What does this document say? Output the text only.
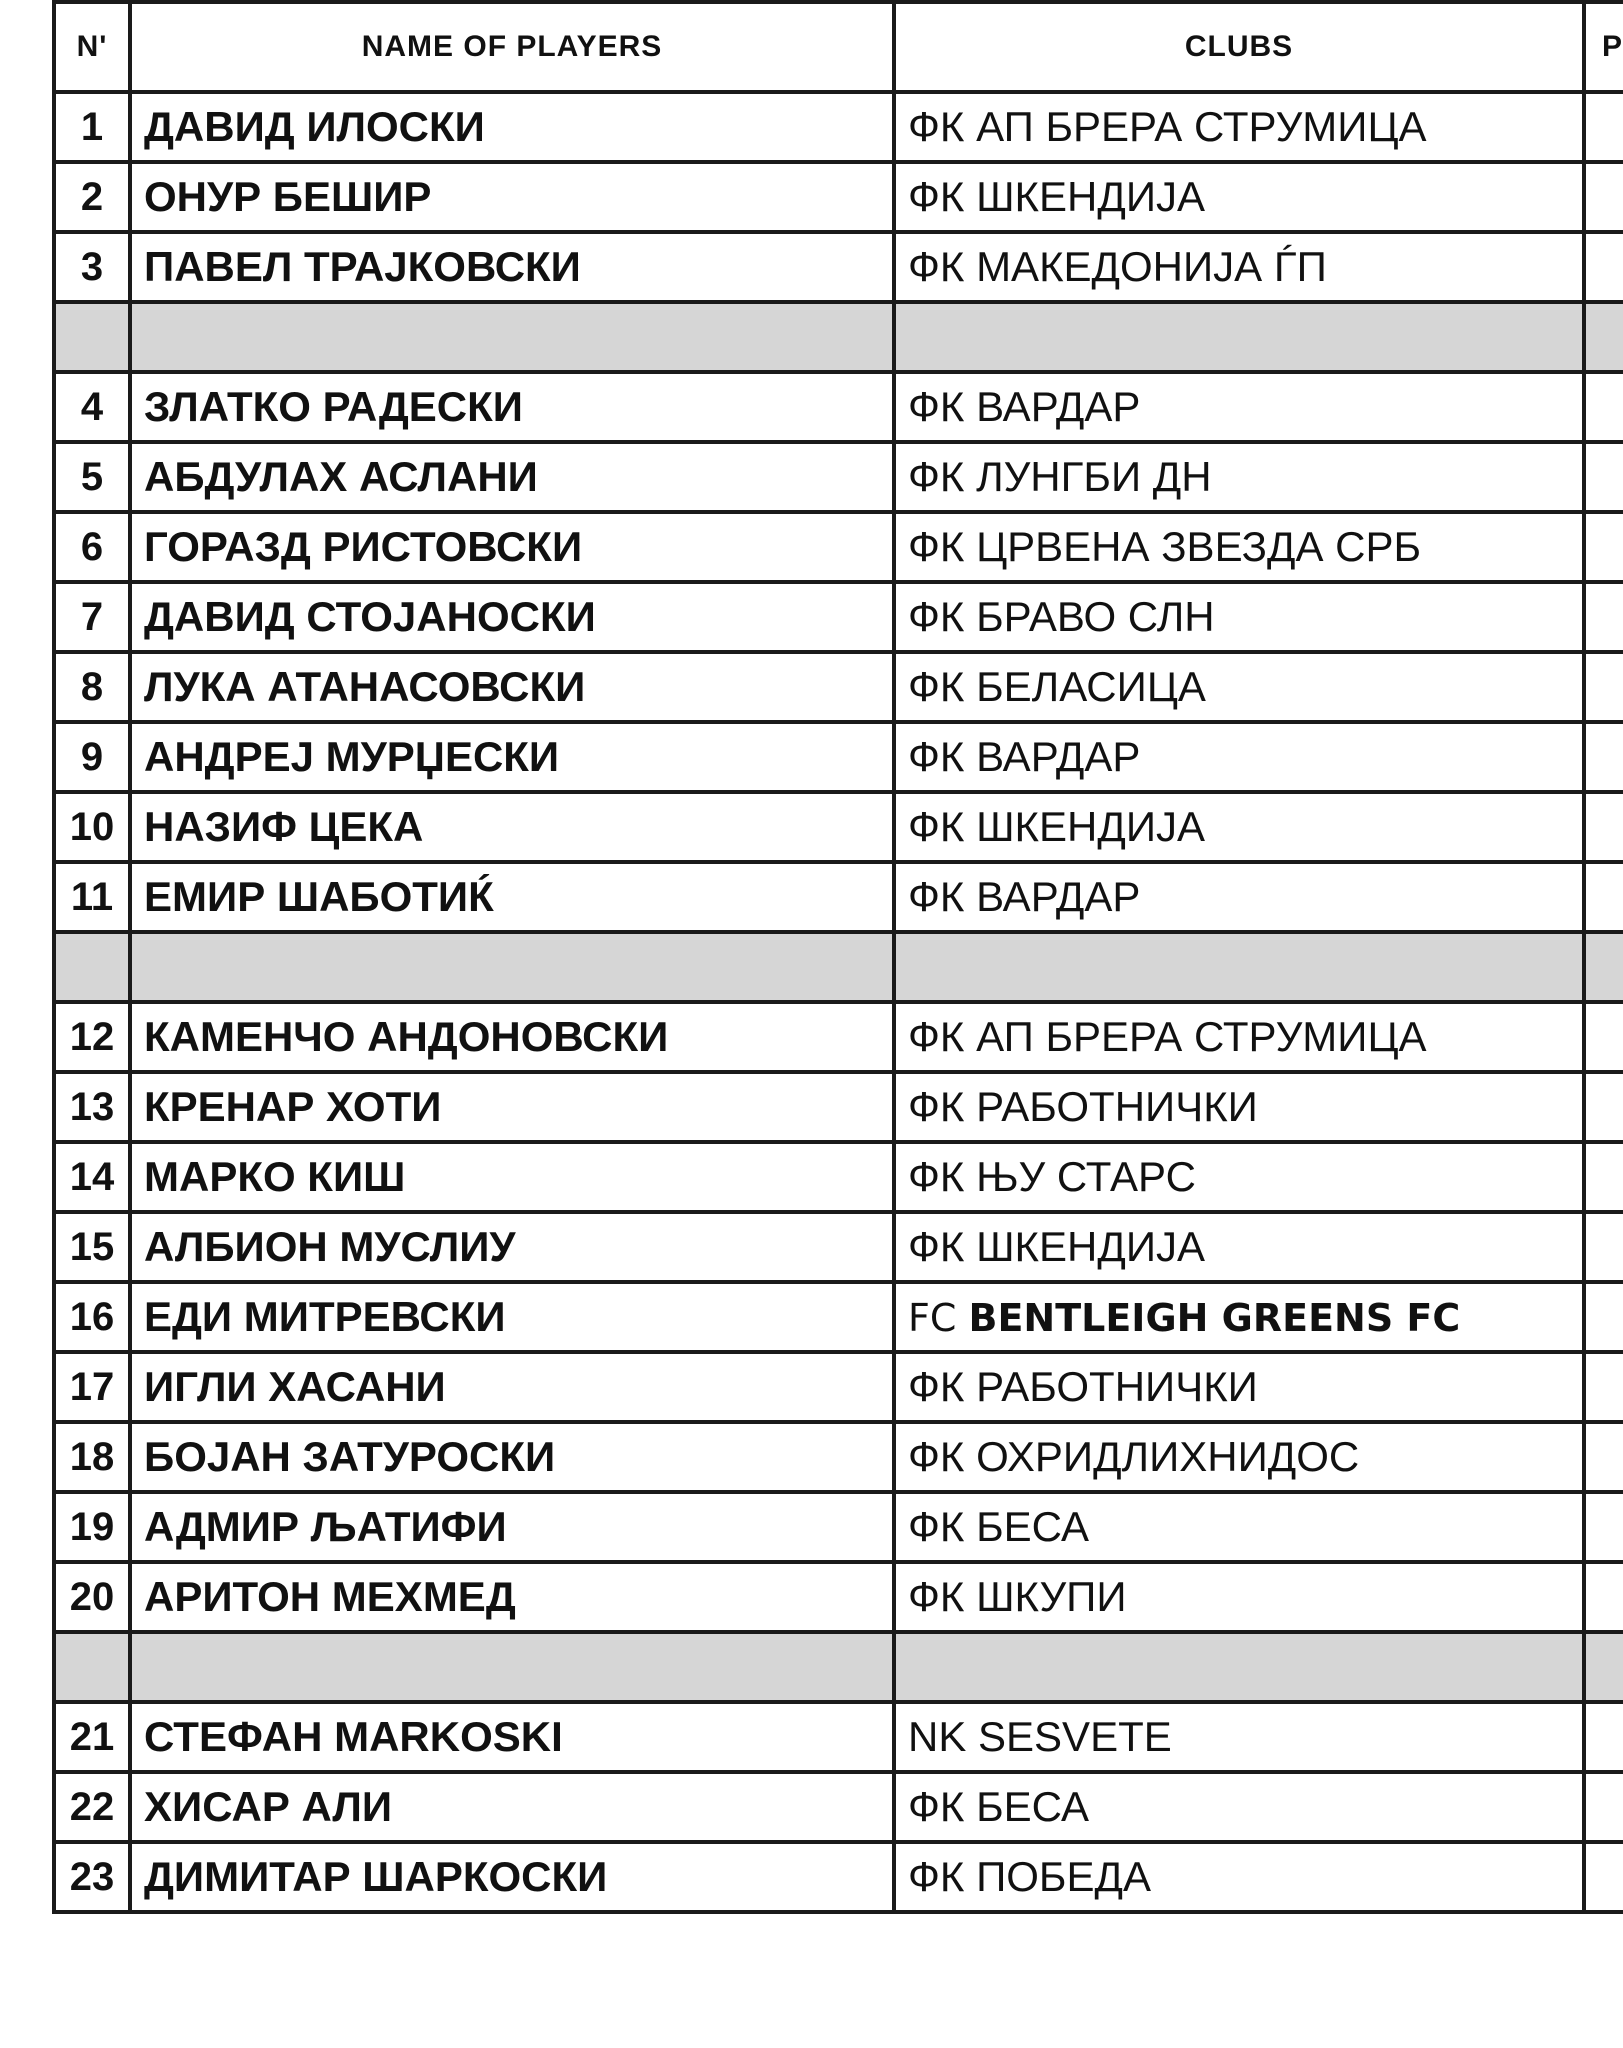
N'	NAME OF PLAYERS	CLUBS	P
1	ДАВИД ИЛОСКИ	ФК АП БРЕРА СТРУМИЦА	
2	ОНУР БЕШИР	ФК ШКЕНДИЈА	
3	ПАВЕЛ ТРАЈКОВСКИ	ФК МАКЕДОНИЈА ЃП	

4	ЗЛАТКО РАДЕСКИ	ФК ВАРДАР	
5	АБДУЛАХ АСЛАНИ	ФК ЛУНГБИ ДН	
6	ГОРАЗД РИСТОВСКИ	ФК ЦРВЕНА ЗВЕЗДА СРБ	
7	ДАВИД СТОЈАНОСКИ	ФК БРАВО СЛН	
8	ЛУКА АТАНАСОВСКИ	ФК БЕЛАСИЦА	
9	АНДРЕЈ МУРЏЕСКИ	ФК ВАРДАР	
10	НАЗИФ ЦЕКА	ФК ШКЕНДИЈА	
11	ЕМИР ШАБОТИЌ	ФК ВАРДАР	

12	КАМЕНЧО АНДОНОВСКИ	ФК АП БРЕРА СТРУМИЦА	
13	КРЕНАР ХОТИ	ФК РАБОТНИЧКИ	
14	МАРКО КИШ	ФК ЊУ СТАРС	
15	АЛБИОН МУСЛИУ	ФК ШКЕНДИЈА	
16	ЕДИ МИТРЕВСКИ	FC BENTLEIGH GREENS FC	
17	ИГЛИ ХАСАНИ	ФК РАБОТНИЧКИ	
18	БОЈАН ЗАТУРОСКИ	ФК ОХРИДЛИХНИДОС	
19	АДМИР ЉАТИФИ	ФК БЕСА	
20	АРИТОН МЕХМЕД	ФК ШКУПИ	

21	СТЕФАН MARKOSKI	NK SESVETE	
22	ХИСАР АЛИ	ФК БЕСА	
23	ДИМИТАР ШАРКОСКИ	ФК ПОБЕДА	
